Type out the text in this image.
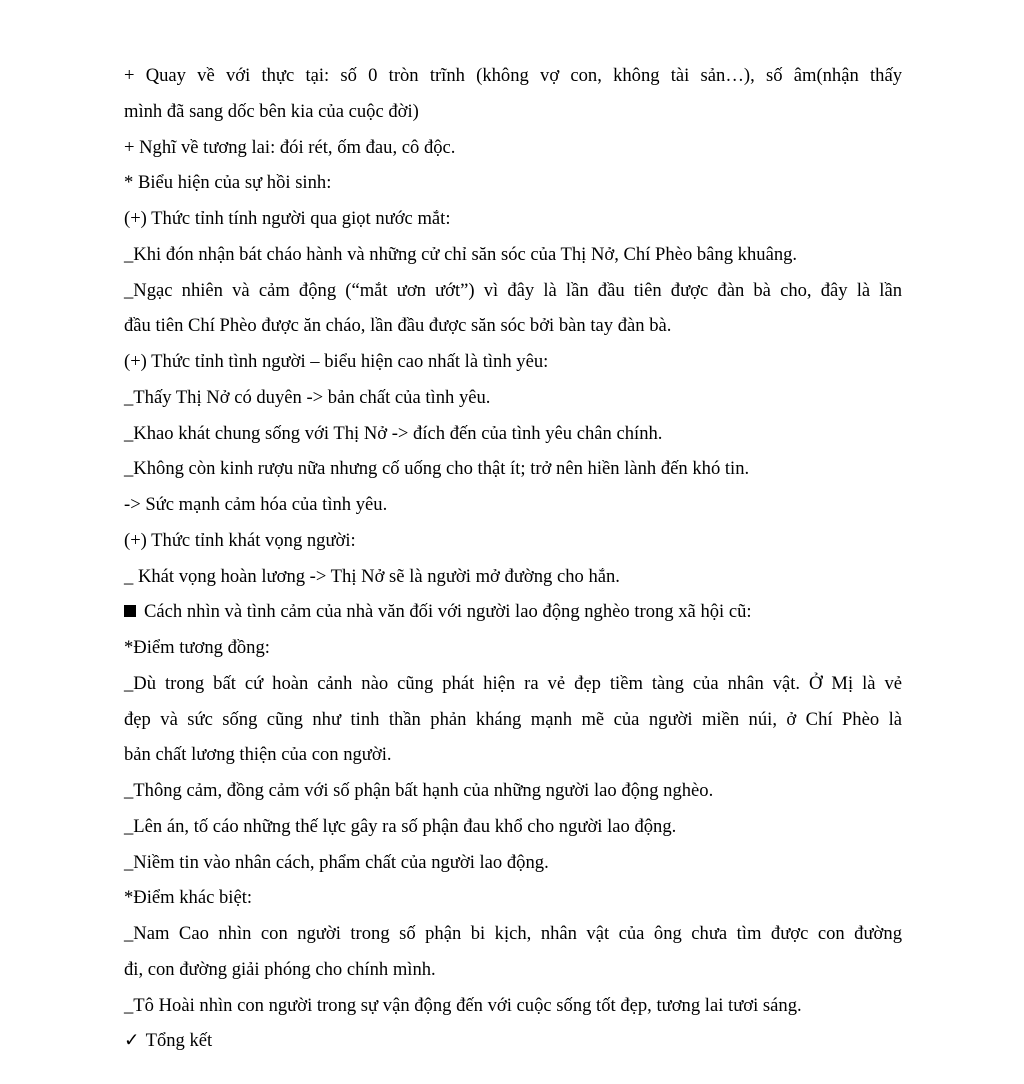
+ Quay về với thực tại: số 0 tròn trĩnh (không vợ con, không tài sản…), số âm(nhận thấy

mình đã sang dốc bên kia của cuộc đời)

+ Nghĩ về tương lai: đói rét, ốm đau, cô độc.

* Biểu hiện của sự hồi sinh:

(+) Thức tỉnh tính người qua giọt nước mắt:

_Khi đón nhận bát cháo hành và những cử chỉ săn sóc của Thị Nở, Chí Phèo bâng khuâng.

_Ngạc nhiên và cảm động (“mắt ươn ướt”) vì đây là lần đầu tiên được đàn bà cho, đây là lần

đầu tiên Chí Phèo được ăn cháo, lần đầu được săn sóc bởi bàn tay đàn bà.

(+) Thức tỉnh tình người – biểu hiện cao nhất là tình yêu:

_Thấy Thị Nở có duyên -> bản chất của tình yêu.

_Khao khát chung sống với Thị Nở -> đích đến của tình yêu chân chính.

_Không còn kinh rượu nữa nhưng cố uống cho thật ít; trở nên hiền lành đến khó tin.

-> Sức mạnh cảm hóa của tình yêu.

(+) Thức tỉnh khát vọng người:

_ Khát vọng hoàn lương -> Thị Nở sẽ là người mở đường cho hắn.

Cách nhìn và tình cảm của nhà văn đối với người lao động nghèo trong xã hội cũ:

*Điểm tương đồng:

_Dù trong bất cứ hoàn cảnh nào cũng phát hiện ra vẻ đẹp tiềm tàng của nhân vật. Ở Mị là vẻ

đẹp và sức sống cũng như tinh thần phản kháng mạnh mẽ của người miền núi, ở Chí Phèo là

bản chất lương thiện của con người.

_Thông cảm, đồng cảm với số phận bất hạnh của những người lao động nghèo.

_Lên án, tố cáo những thế lực gây ra số phận đau khổ cho người lao động.

_Niềm tin vào nhân cách, phẩm chất của người lao động.

*Điểm khác biệt:

_Nam Cao nhìn con người trong số phận bi kịch, nhân vật của ông chưa tìm được con đường

đi, con đường giải phóng cho chính mình.

_Tô Hoài nhìn con người trong sự vận động đến với cuộc sống tốt đẹp, tương lai tươi sáng.

✓ Tổng kết
